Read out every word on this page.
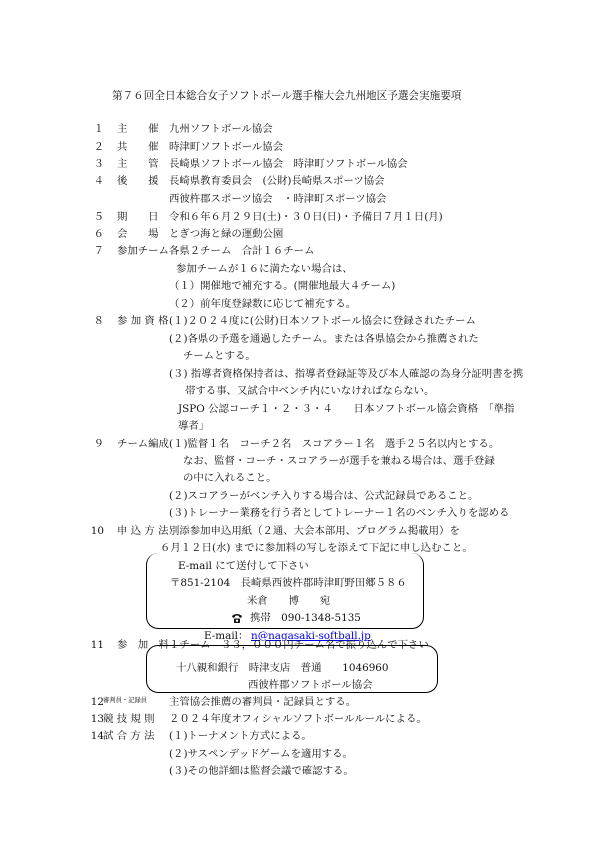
第７６回全日本総合女子ソフトボール選手権大会九州地区予選会実施要項
１ 主　　催 九州ソフトボール協会
２ 共　　催 時津町ソフトボール協会
３ 主　　管 長崎県ソフトボール協会　時津町ソフトボール協会
４ 後　　援 長崎県教育委員会　(公財)長崎県スポーツ協会
西彼杵郡スポーツ協会　・時津町スポーツ協会
５ 期　　日 令和６年６月２９日(土)・３０日(日)・予備日７月１日(月)
６ 会　　場 とぎつ海と緑の運動公園
７ 参加チーム 各県２チーム　合計１６チーム
参加チームが１６に満たない場合は、
（１）開催地で補充する。(開催地最大４チーム)
（２）前年度登録数に応じて補充する。
８ 参 加 資 格 (１)２０２４度に(公財)日本ソフトボール協会に登録されたチーム
(２)各県の予選を通過したチーム。または各県協会から推薦された
チームとする。
(３) 指導者資格保持者は、指導者登録証等及び本人確認の為身分証明書を携
帯する事、又試合中ベンチ内にいなければならない。
JSPO 公認コーチ１・２・３・４　　日本ソフトボール協会資格　「準指
導者」
９ チーム編成 (１)監督１名　コーチ２名　スコアラー１名　選手２５名以内とする。
なお、監督・コーチ・スコアラーが選手を兼ねる場合は、選手登録
の中に入れること。
(２)スコアラーがベンチ入りする場合は、公式記録員であること。
(３)トレーナー業務を行う者としてトレーナー１名のベンチ入りを認める
10 申 込 方 法 別添参加申込用紙（２通、大会本部用、プログラム掲載用）を
６月１２日(水) までに参加料の写しを添えて下記に申し込むこと。
E-mail にて送付して下さい
〒851-2104　長崎県西彼杵郡時津町野田郷５８６
米倉　　博　　宛
携帯　090-1348-5135
E-mail： n@nagasaki-softball.jp
11 参　加　料 １チーム　３３，０００円チーム名で振り込んで下さい
十八親和銀行　時津支店　普通　　1046960
西彼杵郡ソフトボール協会
12 審判員・記録員 主管協会推薦の審判員・記録員とする。
13 競 技 規 則 ２０２４年度オフィシャルソフトボールルールによる。
14 試 合 方 法 (１)トーナメント方式による。
(２)サスペンデッドゲームを適用する。
(３)その他詳細は監督会議で確認する。
